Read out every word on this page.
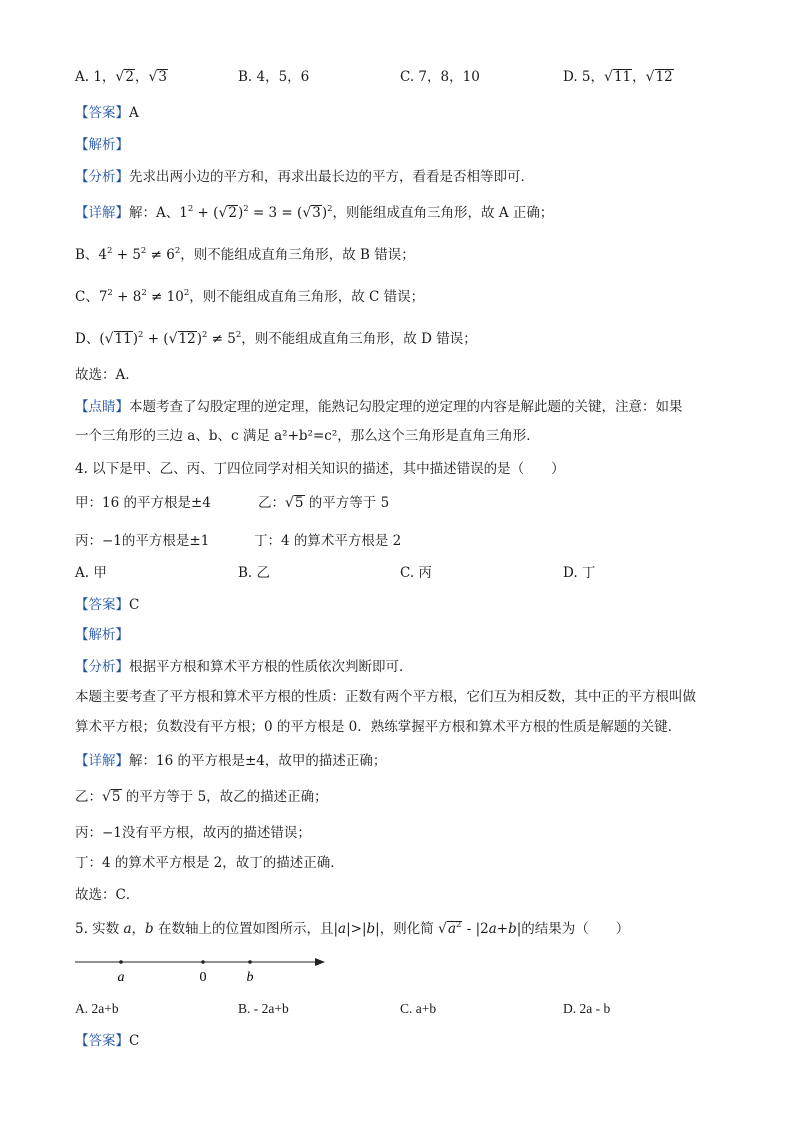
A. 1，√2，√3	B. 4，5，6	C. 7，8，10	D. 5，√11，√12
【答案】A
【解析】
【分析】先求出两小边的平方和，再求出最长边的平方，看看是否相等即可．
【详解】解：A、$1^2 + (√2)^2 = 3 = (√3)^2$，则能组成直角三角形，故 A 正确；
B、$4^2 + 5^2 \ne 6^2$，则不能组成直角三角形，故 B 错误；
C、$7^2 + 8^2 \ne 10^2$，则不能组成直角三角形，故 C 错误；
D、$(√11)^2 + (√12)^2 \ne 5^2$，则不能组成直角三角形，故 D 错误；
故选：A．
【点睛】本题考查了勾股定理的逆定理，能熟记勾股定理的逆定理的内容是解此题的关键，注意：如果
一个三角形的三边 a、b、c 满足 a²+b²=c²，那么这个三角形是直角三角形．
4. 以下是甲、乙、丙、丁四位同学对相关知识的描述，其中描述错误的是（　　）
甲：16 的平方根是±4	乙：√5 的平方等于 5
丙：−1的平方根是±1	丁：4 的算术平方根是 2
A. 甲	B. 乙	C. 丙	D. 丁
【答案】C
【解析】
【分析】根据平方根和算术平方根的性质依次判断即可．
本题主要考查了平方根和算术平方根的性质：正数有两个平方根，它们互为相反数，其中正的平方根叫做
算术平方根；负数没有平方根；0 的平方根是 0．熟练掌握平方根和算术平方根的性质是解题的关键．
【详解】解：16 的平方根是±4，故甲的描述正确；
乙：√5 的平方等于 5，故乙的描述正确；
丙：−1没有平方根，故丙的描述错误；
丁：4 的算术平方根是 2，故丁的描述正确．
故选：C．
5. 实数 a，b 在数轴上的位置如图所示，且|a|>|b|，则化简 $√a^2 - |2a+b|$的结果为（　　）
a	0	b
A. 2a+b	B. - 2a+b	C. a+b	D. 2a - b
【答案】C
